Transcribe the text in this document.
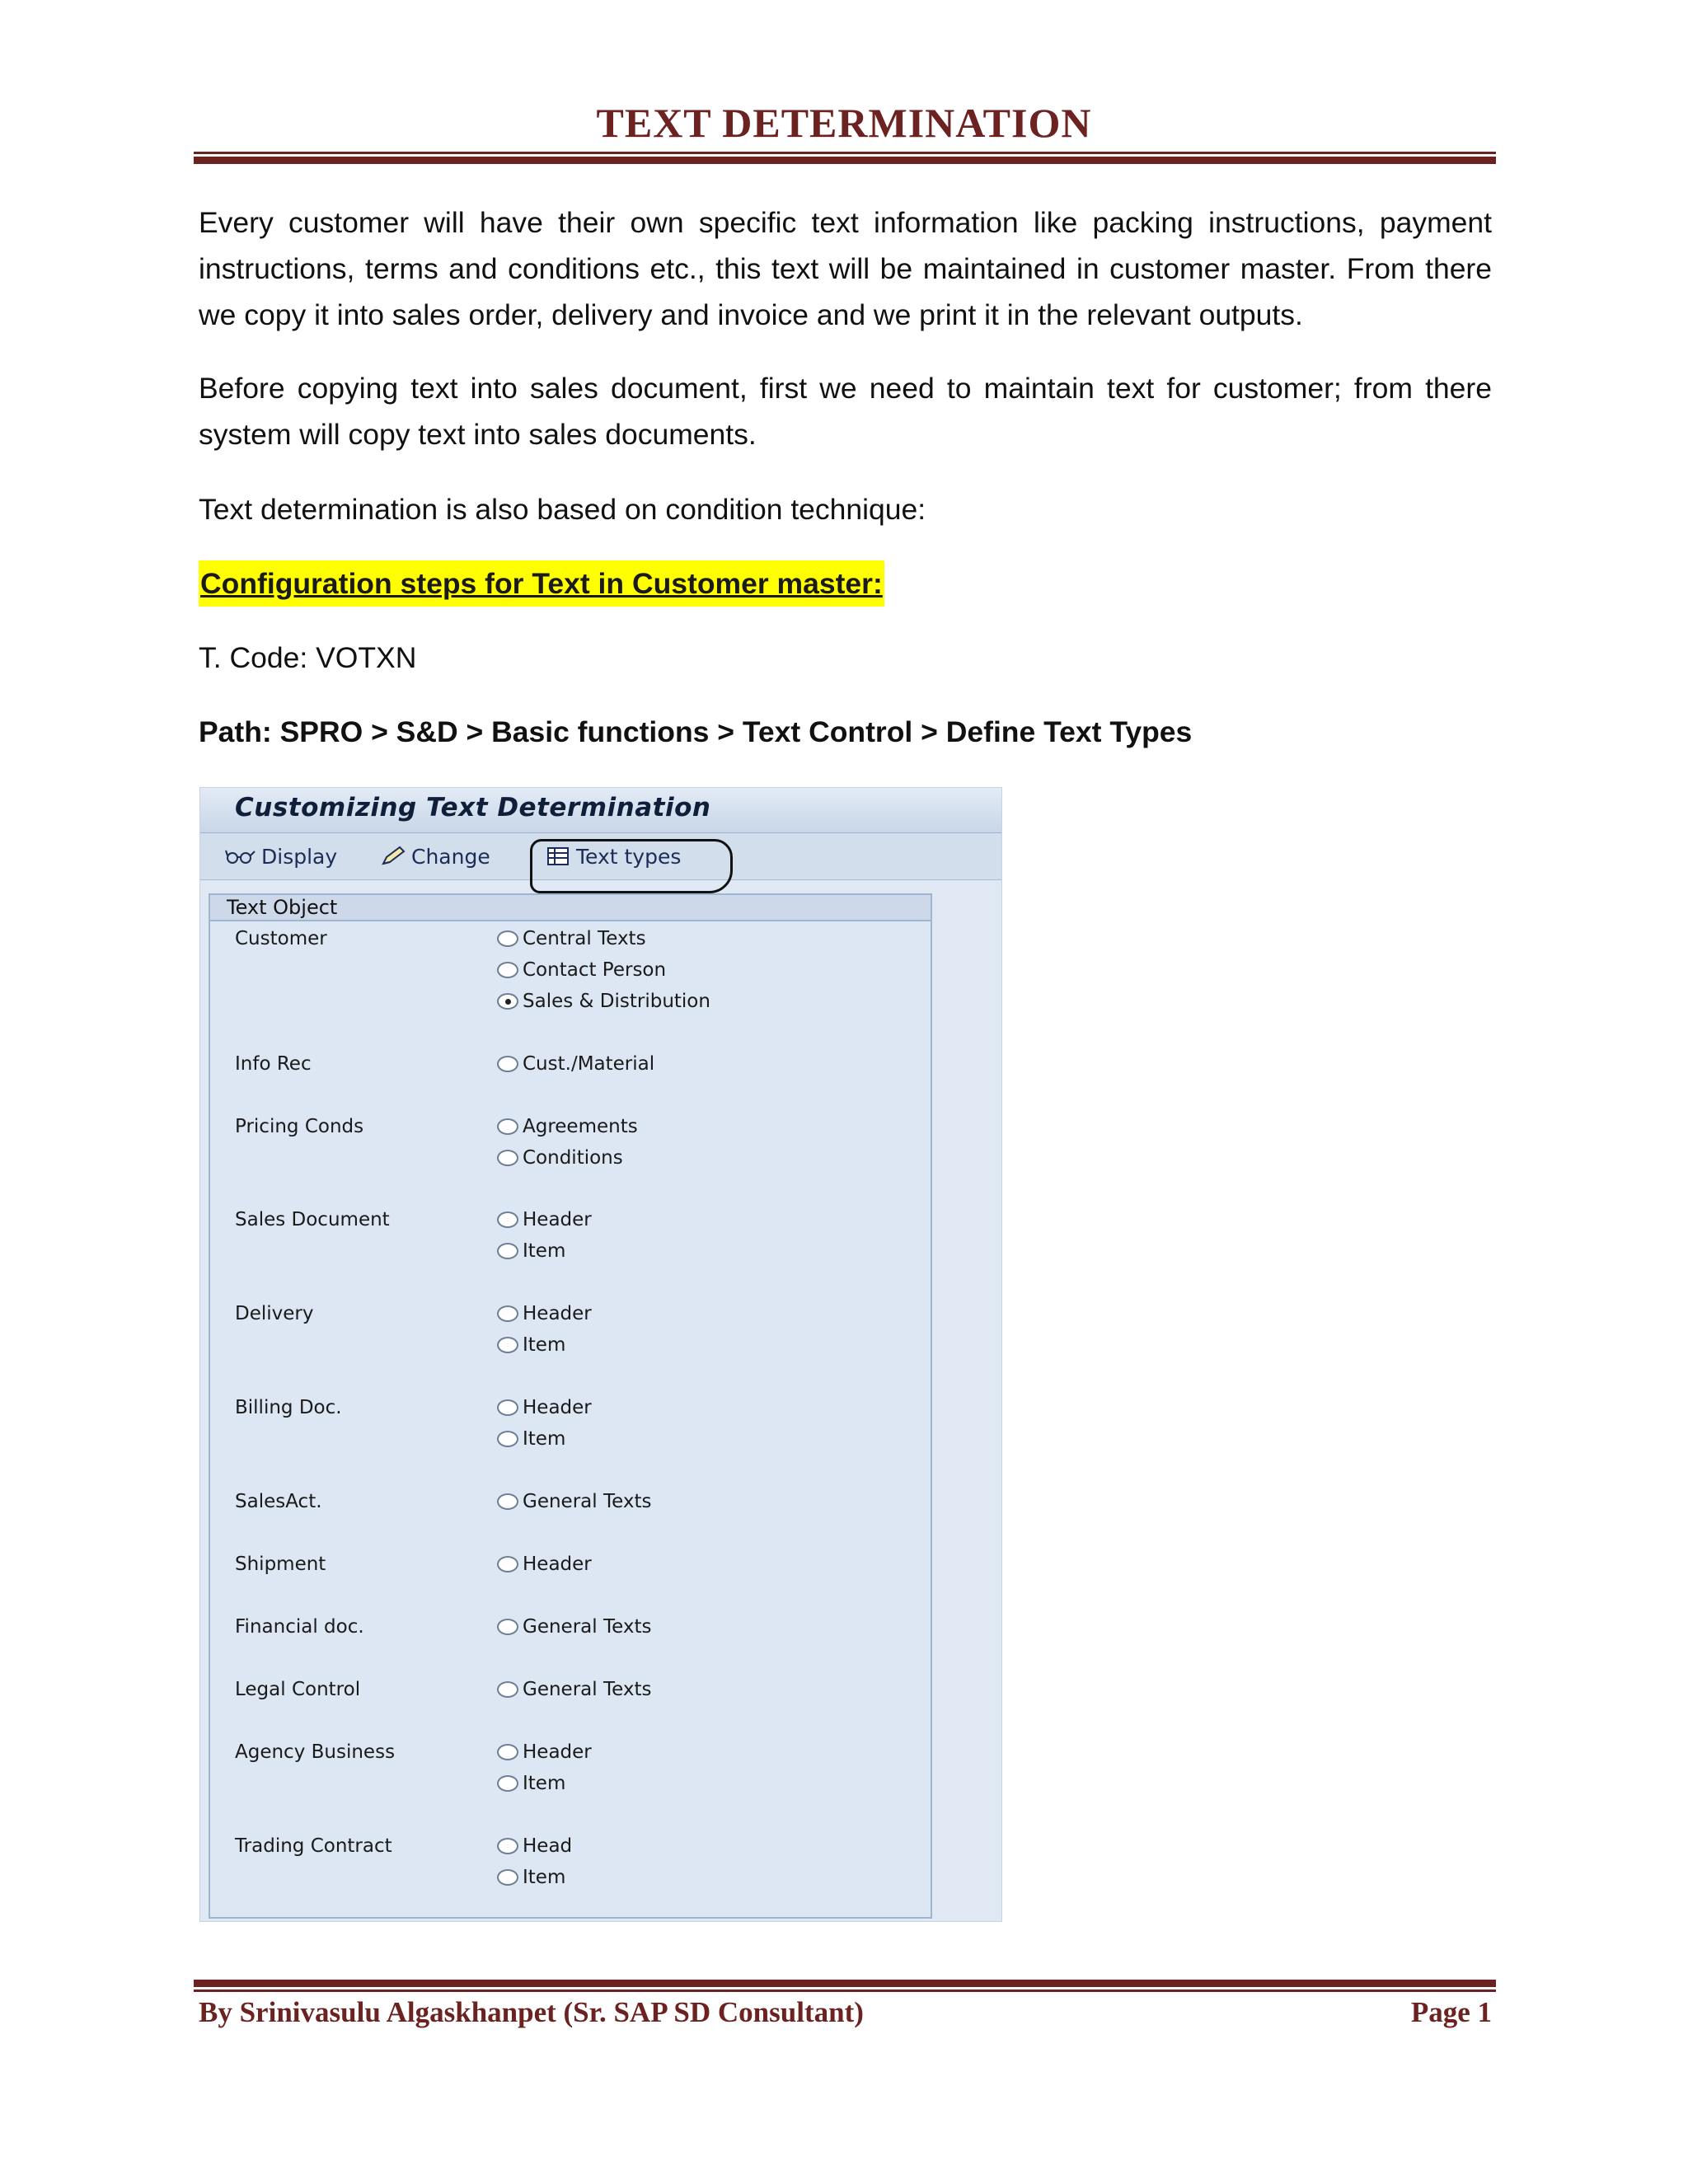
TEXT DETERMINATION
Every customer will have their own specific text information like packing instructions, payment instructions, terms and conditions etc., this text will be maintained in customer master. From there we copy it into sales order, delivery and invoice and we print it in the relevant outputs.
Before copying text into sales document, first we need to maintain text for customer; from there system will copy text into sales documents.
Text determination is also based on condition technique:
Configuration steps for Text in Customer master:
T. Code: VOTXN
Path: SPRO > S&D > Basic functions > Text Control > Define Text Types
Customizing Text Determination
Display	Change	Text types
Text Object
Customer	Central Texts
Contact Person
Sales & Distribution
Info Rec	Cust./Material
Pricing Conds	Agreements
Conditions
Sales Document	Header
Item
Delivery	Header
Item
Billing Doc.	Header
Item
SalesAct.	General Texts
Shipment	Header
Financial doc.	General Texts
Legal Control	General Texts
Agency Business	Header
Item
Trading Contract	Head
Item
By Srinivasulu Algaskhanpet (Sr. SAP SD Consultant)	Page 1
